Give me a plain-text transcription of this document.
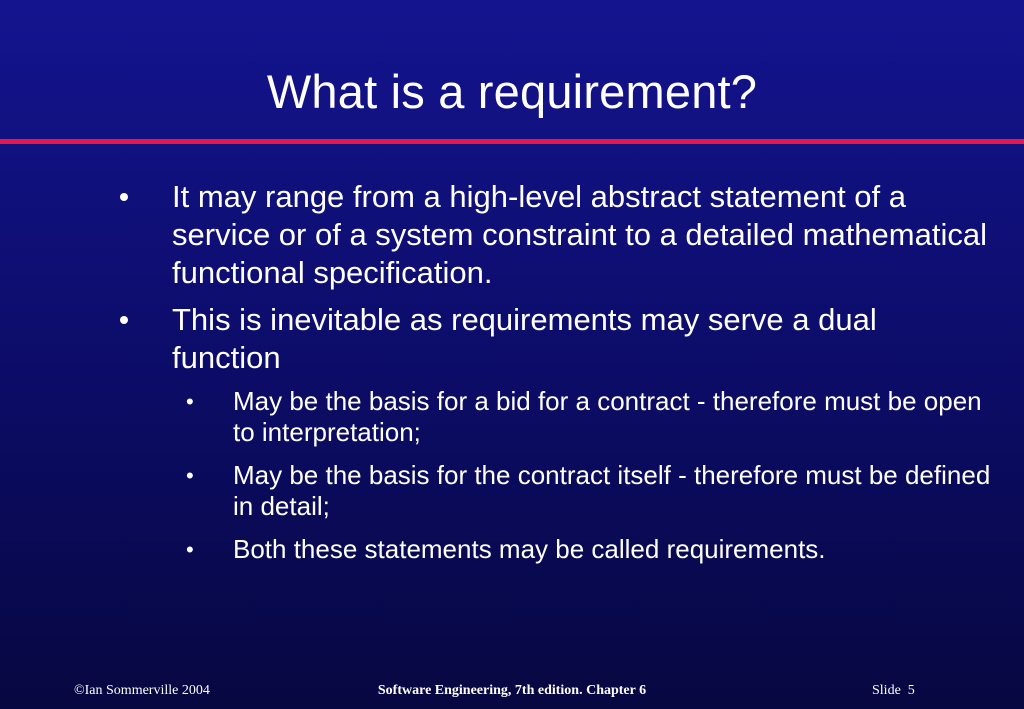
What is a requirement?
It may range from a high-level abstract statement of a service or of a system constraint to a detailed mathematical functional specification.
This is inevitable as requirements may serve a dual function
• May be the basis for a bid for a contract - therefore must be open to interpretation;
• May be the basis for the contract itself - therefore must be defined in detail;
• Both these statements may be called requirements.
©Ian Sommerville 2004	Software Engineering, 7th edition. Chapter 6	Slide  5
